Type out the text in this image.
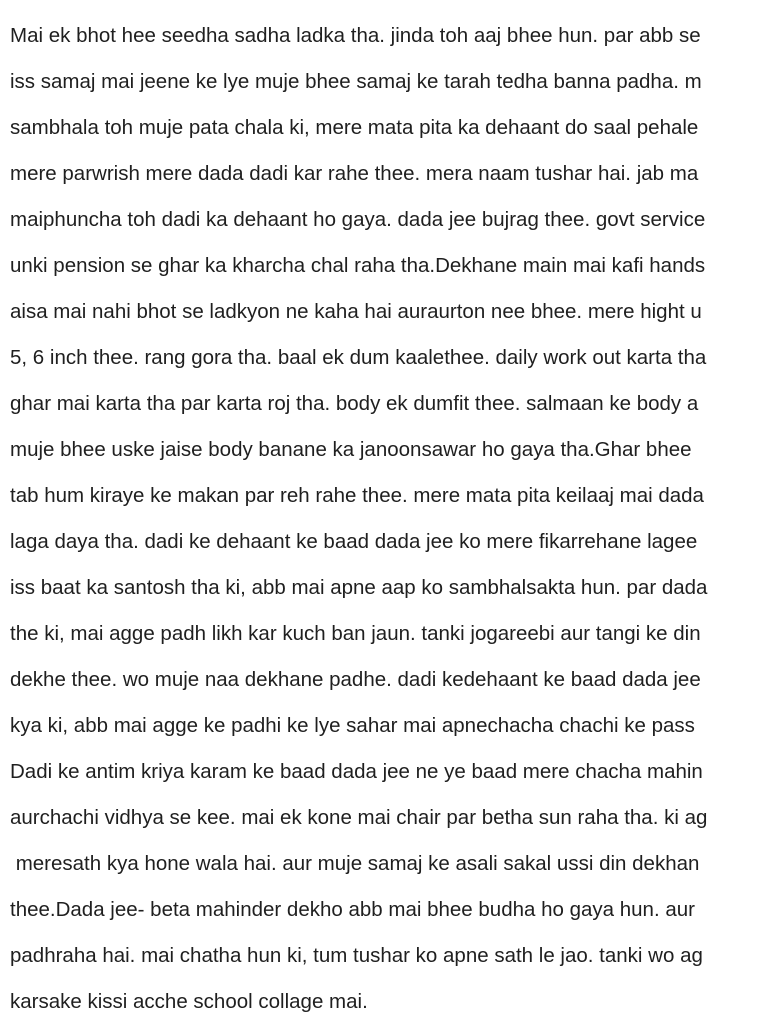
Mai ek bhot hee seedha sadha ladka tha. jinda toh aaj bhee hun. par abb se
iss samaj mai jeene ke lye muje bhee samaj ke tarah tedha banna padha. m
sambhala toh muje pata chala ki, mere mata pita ka dehaant do saal pehale
mere parwrish mere dada dadi kar rahe thee. mera naam tushar hai. jab ma
maiphuncha toh dadi ka dehaant ho gaya. dada jee bujrag thee. govt service
unki pension se ghar ka kharcha chal raha tha.Dekhane main mai kafi hands
aisa mai nahi bhot se ladkyon ne kaha hai auraurton nee bhee. mere hight u
5, 6 inch thee. rang gora tha. baal ek dum kaalethee. daily work out karta tha
ghar mai karta tha par karta roj tha. body ek dumfit thee. salmaan ke body a
muje bhee uske jaise body banane ka janoonsawar ho gaya tha.Ghar bhee
tab hum kiraye ke makan par reh rahe thee. mere mata pita keilaaj mai dada
laga daya tha. dadi ke dehaant ke baad dada jee ko mere fikarrehane lagee
iss baat ka santosh tha ki, abb mai apne aap ko sambhalsakta hun. par dada
the ki, mai agge padh likh kar kuch ban jaun. tanki jogareebi aur tangi ke din
dekhe thee. wo muje naa dekhane padhe. dadi kedehaant ke baad dada jee
kya ki, abb mai agge ke padhi ke lye sahar mai apnechacha chachi ke pass
Dadi ke antim kriya karam ke baad dada jee ne ye baad mere chacha mahin
aurchachi vidhya se kee. mai ek kone mai chair par betha sun raha tha. ki ag
meresath kya hone wala hai. aur muje samaj ke asali sakal ussi din dekhan
thee.Dada jee- beta mahinder dekho abb mai bhee budha ho gaya hun. aur
padhraha hai. mai chatha hun ki, tum tushar ko apne sath le jao. tanki wo ag
karsake kissi acche school collage mai.
